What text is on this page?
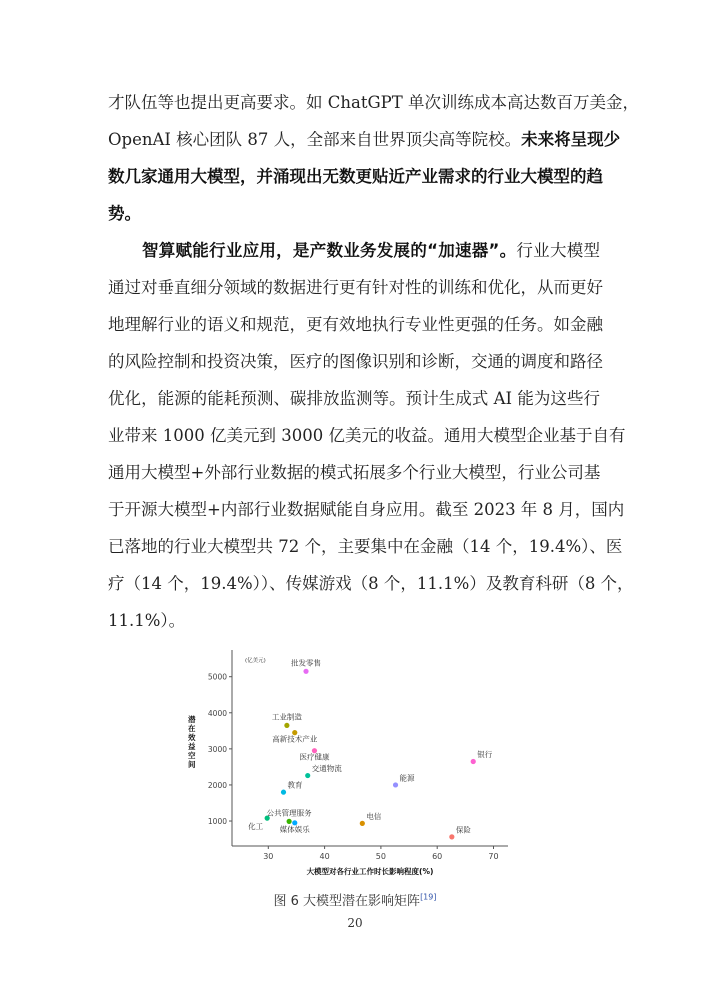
才队伍等也提出更高要求。如 ChatGPT 单次训练成本高达数百万美金，
OpenAI 核心团队 87 人，全部来自世界顶尖高等院校。未来将呈现少
数几家通用大模型，并涌现出无数更贴近产业需求的行业大模型的趋
势。
智算赋能行业应用，是产数业务发展的“加速器”。行业大模型
通过对垂直细分领域的数据进行更有针对性的训练和优化，从而更好
地理解行业的语义和规范，更有效地执行专业性更强的任务。如金融
的风险控制和投资决策，医疗的图像识别和诊断，交通的调度和路径
优化，能源的能耗预测、碳排放监测等。预计生成式 AI 能为这些行
业带来 1000 亿美元到 3000 亿美元的收益。通用大模型企业基于自有
通用大模型+外部行业数据的模式拓展多个行业大模型，行业公司基
于开源大模型+内部行业数据赋能自身应用。截至 2023 年 8 月，国内
已落地的行业大模型共 72 个，主要集中在金融（14 个，19.4%）、医
疗（14 个，19.4%））、传媒游戏（8 个，11.1%）及教育科研（8 个，
11.1%）。
30	40	50	60	70
1000
2000
3000
4000
5000
大模型对各行业工作时长影响程度(%)
潜在效益空间
(亿美元)	批发零售
工业制造
高新技术产业
医疗健康	银行
交通物流
能源
教育
化工
公共管理服务
媒体娱乐
电信
保险
图 6 大模型潜在影响矩阵[19]
20
